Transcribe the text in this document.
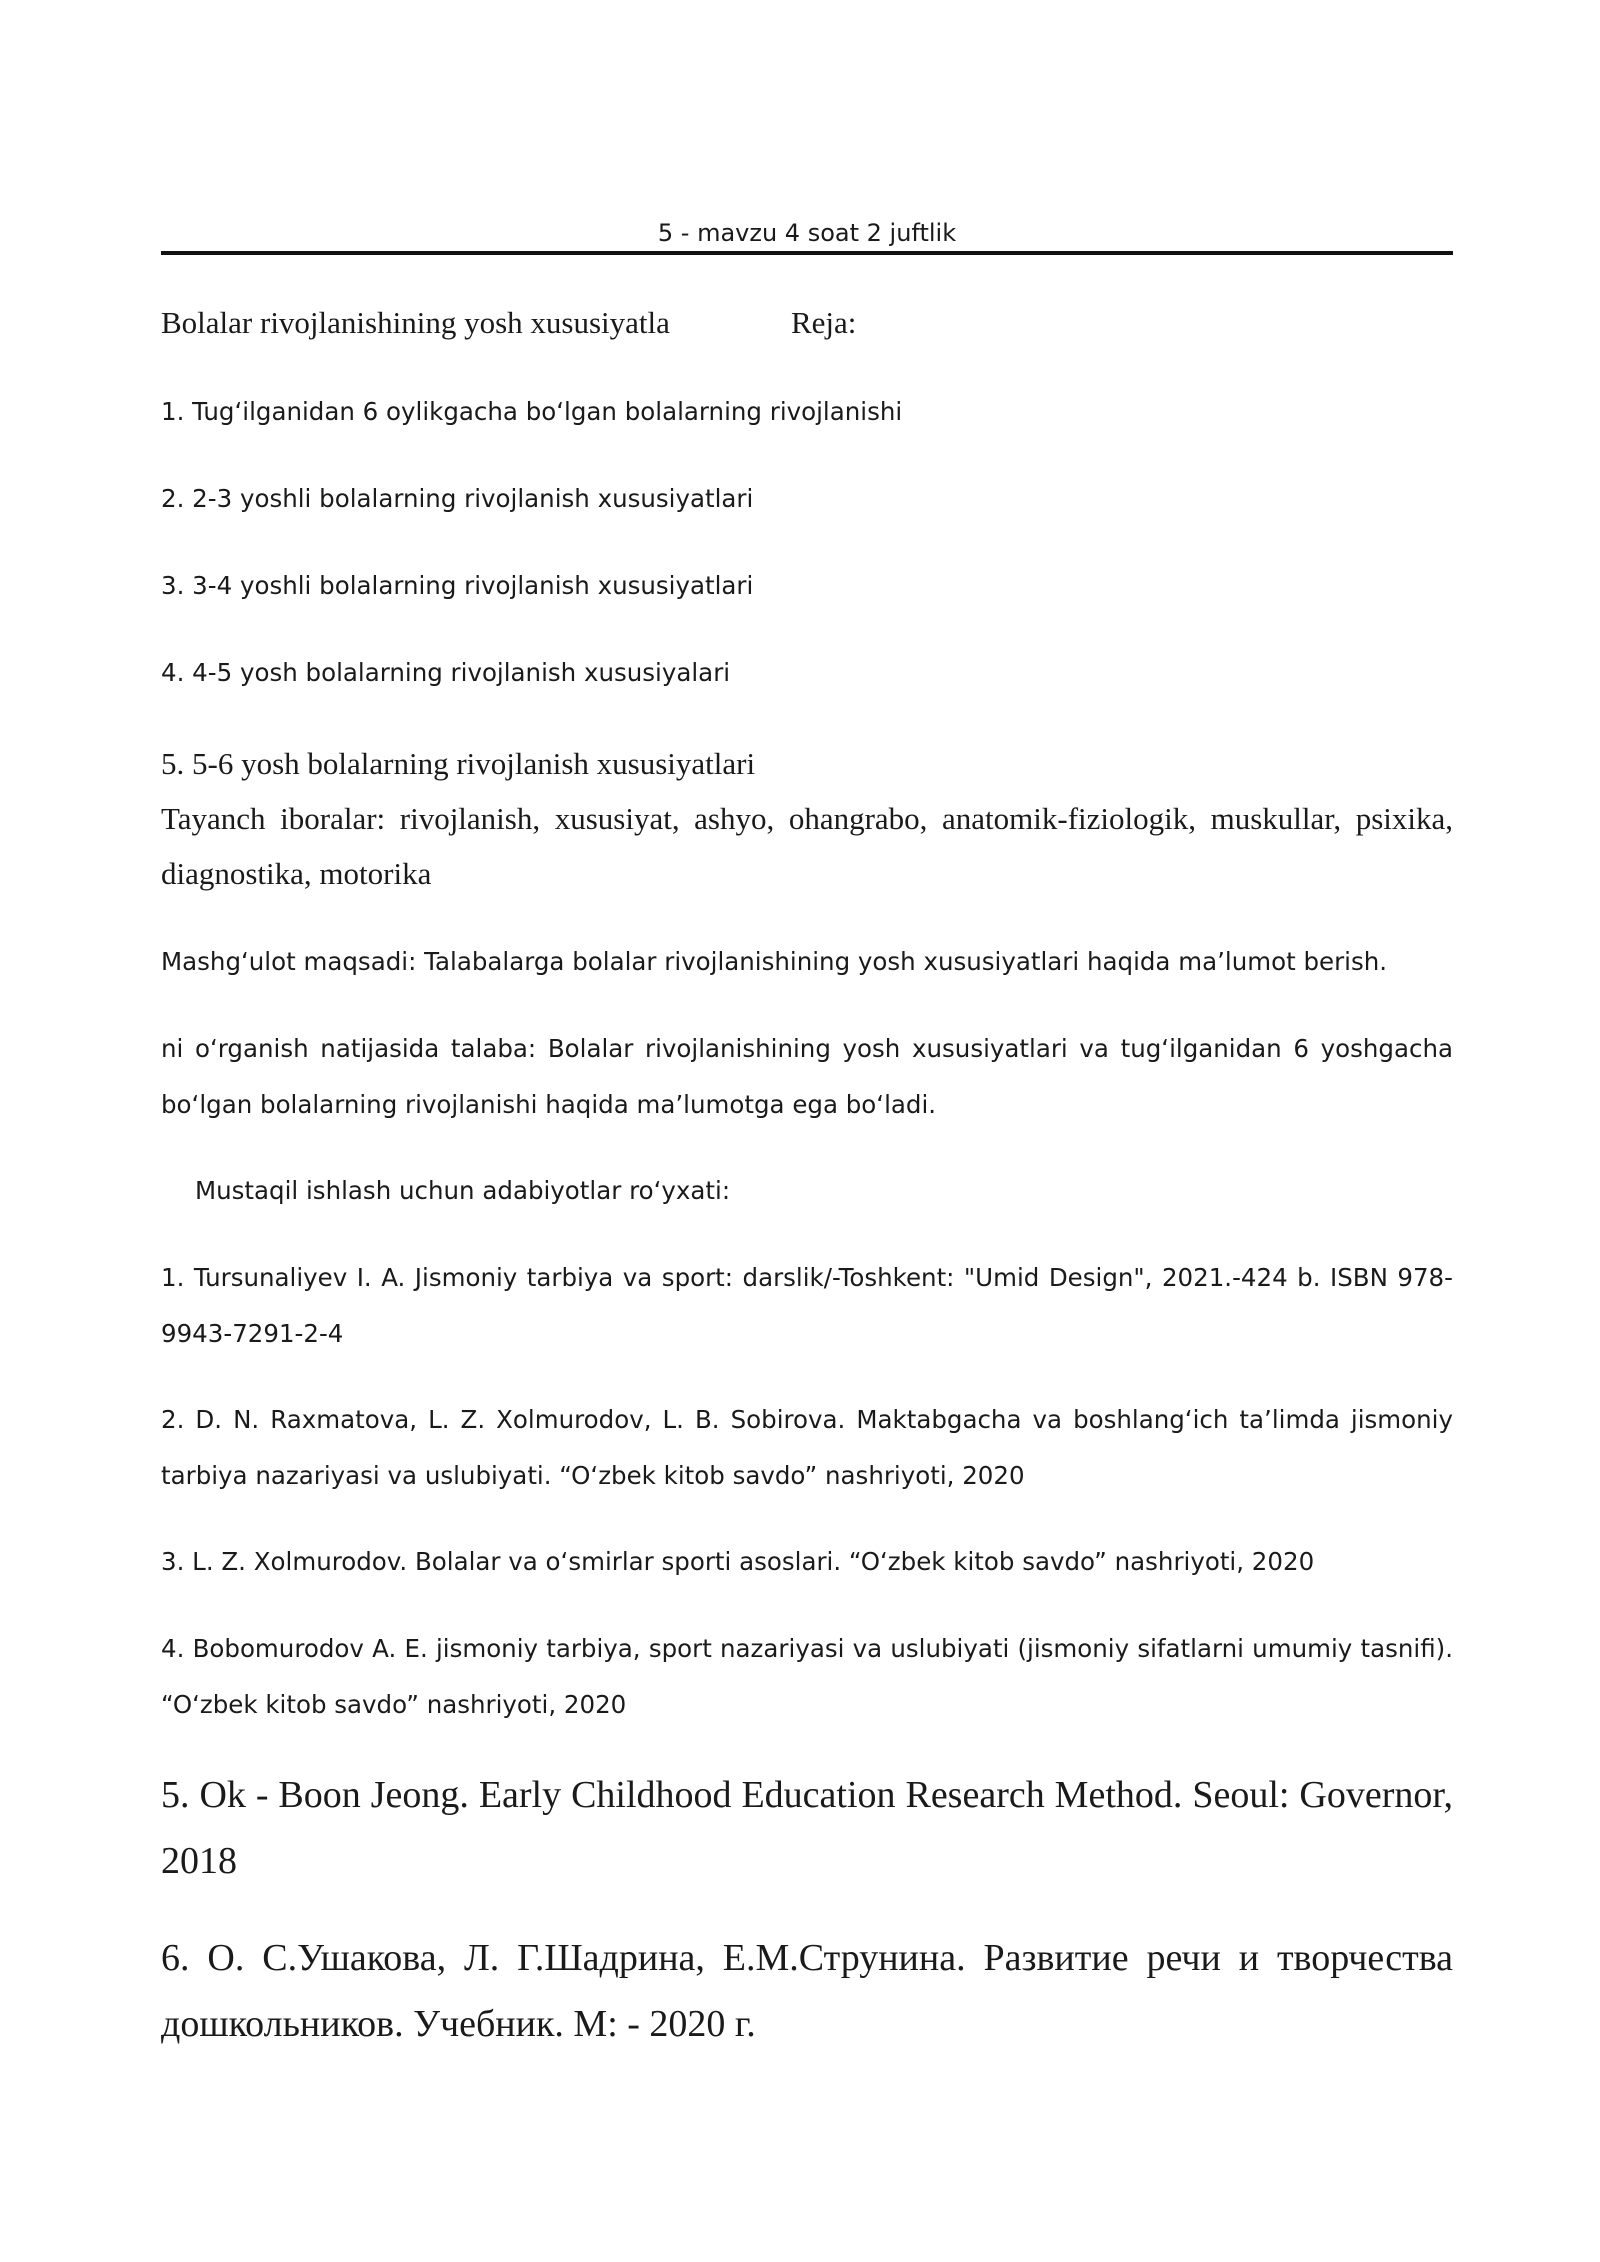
5 - mavzu 4 soat 2 juftlik
Bolalar rivojlanishining yosh xususiyatla	Reja:
1. Tugʻilganidan 6 oylikgacha boʻlgan bolalarning rivojlanishi
2. 2-3 yoshli bolalarning rivojlanish xususiyatlari
3. 3-4 yoshli bolalarning rivojlanish xususiyatlari
4. 4-5 yosh bolalarning rivojlanish xususiyalari
5. 5-6 yosh bolalarning rivojlanish xususiyatlari
Tayanch iboralar: rivojlanish, xususiyat, ashyo, ohangrabo, anatomik-fiziologik, muskullar, psixika, diagnostika, motorika
Mashgʻulot maqsadi: Talabalarga bolalar rivojlanishining yosh xususiyatlari haqida ma’lumot berish.
ni oʻrganish natijasida talaba: Bolalar rivojlanishining yosh xususiyatlari va tugʻilganidan 6 yoshgacha boʻlgan bolalarning rivojlanishi haqida ma’lumotga ega boʻladi.
Mustaqil ishlash uchun adabiyotlar roʻyxati:
1. Tursunaliyev I. A. Jismoniy tarbiya va sport: darslik/-Toshkent: "Umid Design", 2021.-424 b. ISBN 978-9943-7291-2-4
2. D. N. Raxmatova, L. Z. Xolmurodov, L. B. Sobirova. Maktabgacha va boshlangʻich ta’limda jismoniy tarbiya nazariyasi va uslubiyati. “Oʻzbek kitob savdo” nashriyoti, 2020
3. L. Z. Xolmurodov. Bolalar va oʻsmirlar sporti asoslari. “Oʻzbek kitob savdo” nashriyoti, 2020
4. Bobomurodov A. E. jismoniy tarbiya, sport nazariyasi va uslubiyati (jismoniy sifatlarni umumiy tasnifi). “Oʻzbek kitob savdo” nashriyoti, 2020
5. Ok - Boon Jeong. Early Childhood Education Research Method. Seoul: Governor, 2018
6. О. С.Ушакова, Л. Г.Шадрина, Е.М.Струнина. Развитие речи и творчества дошкольников. Учебник. М: - 2020 г.
